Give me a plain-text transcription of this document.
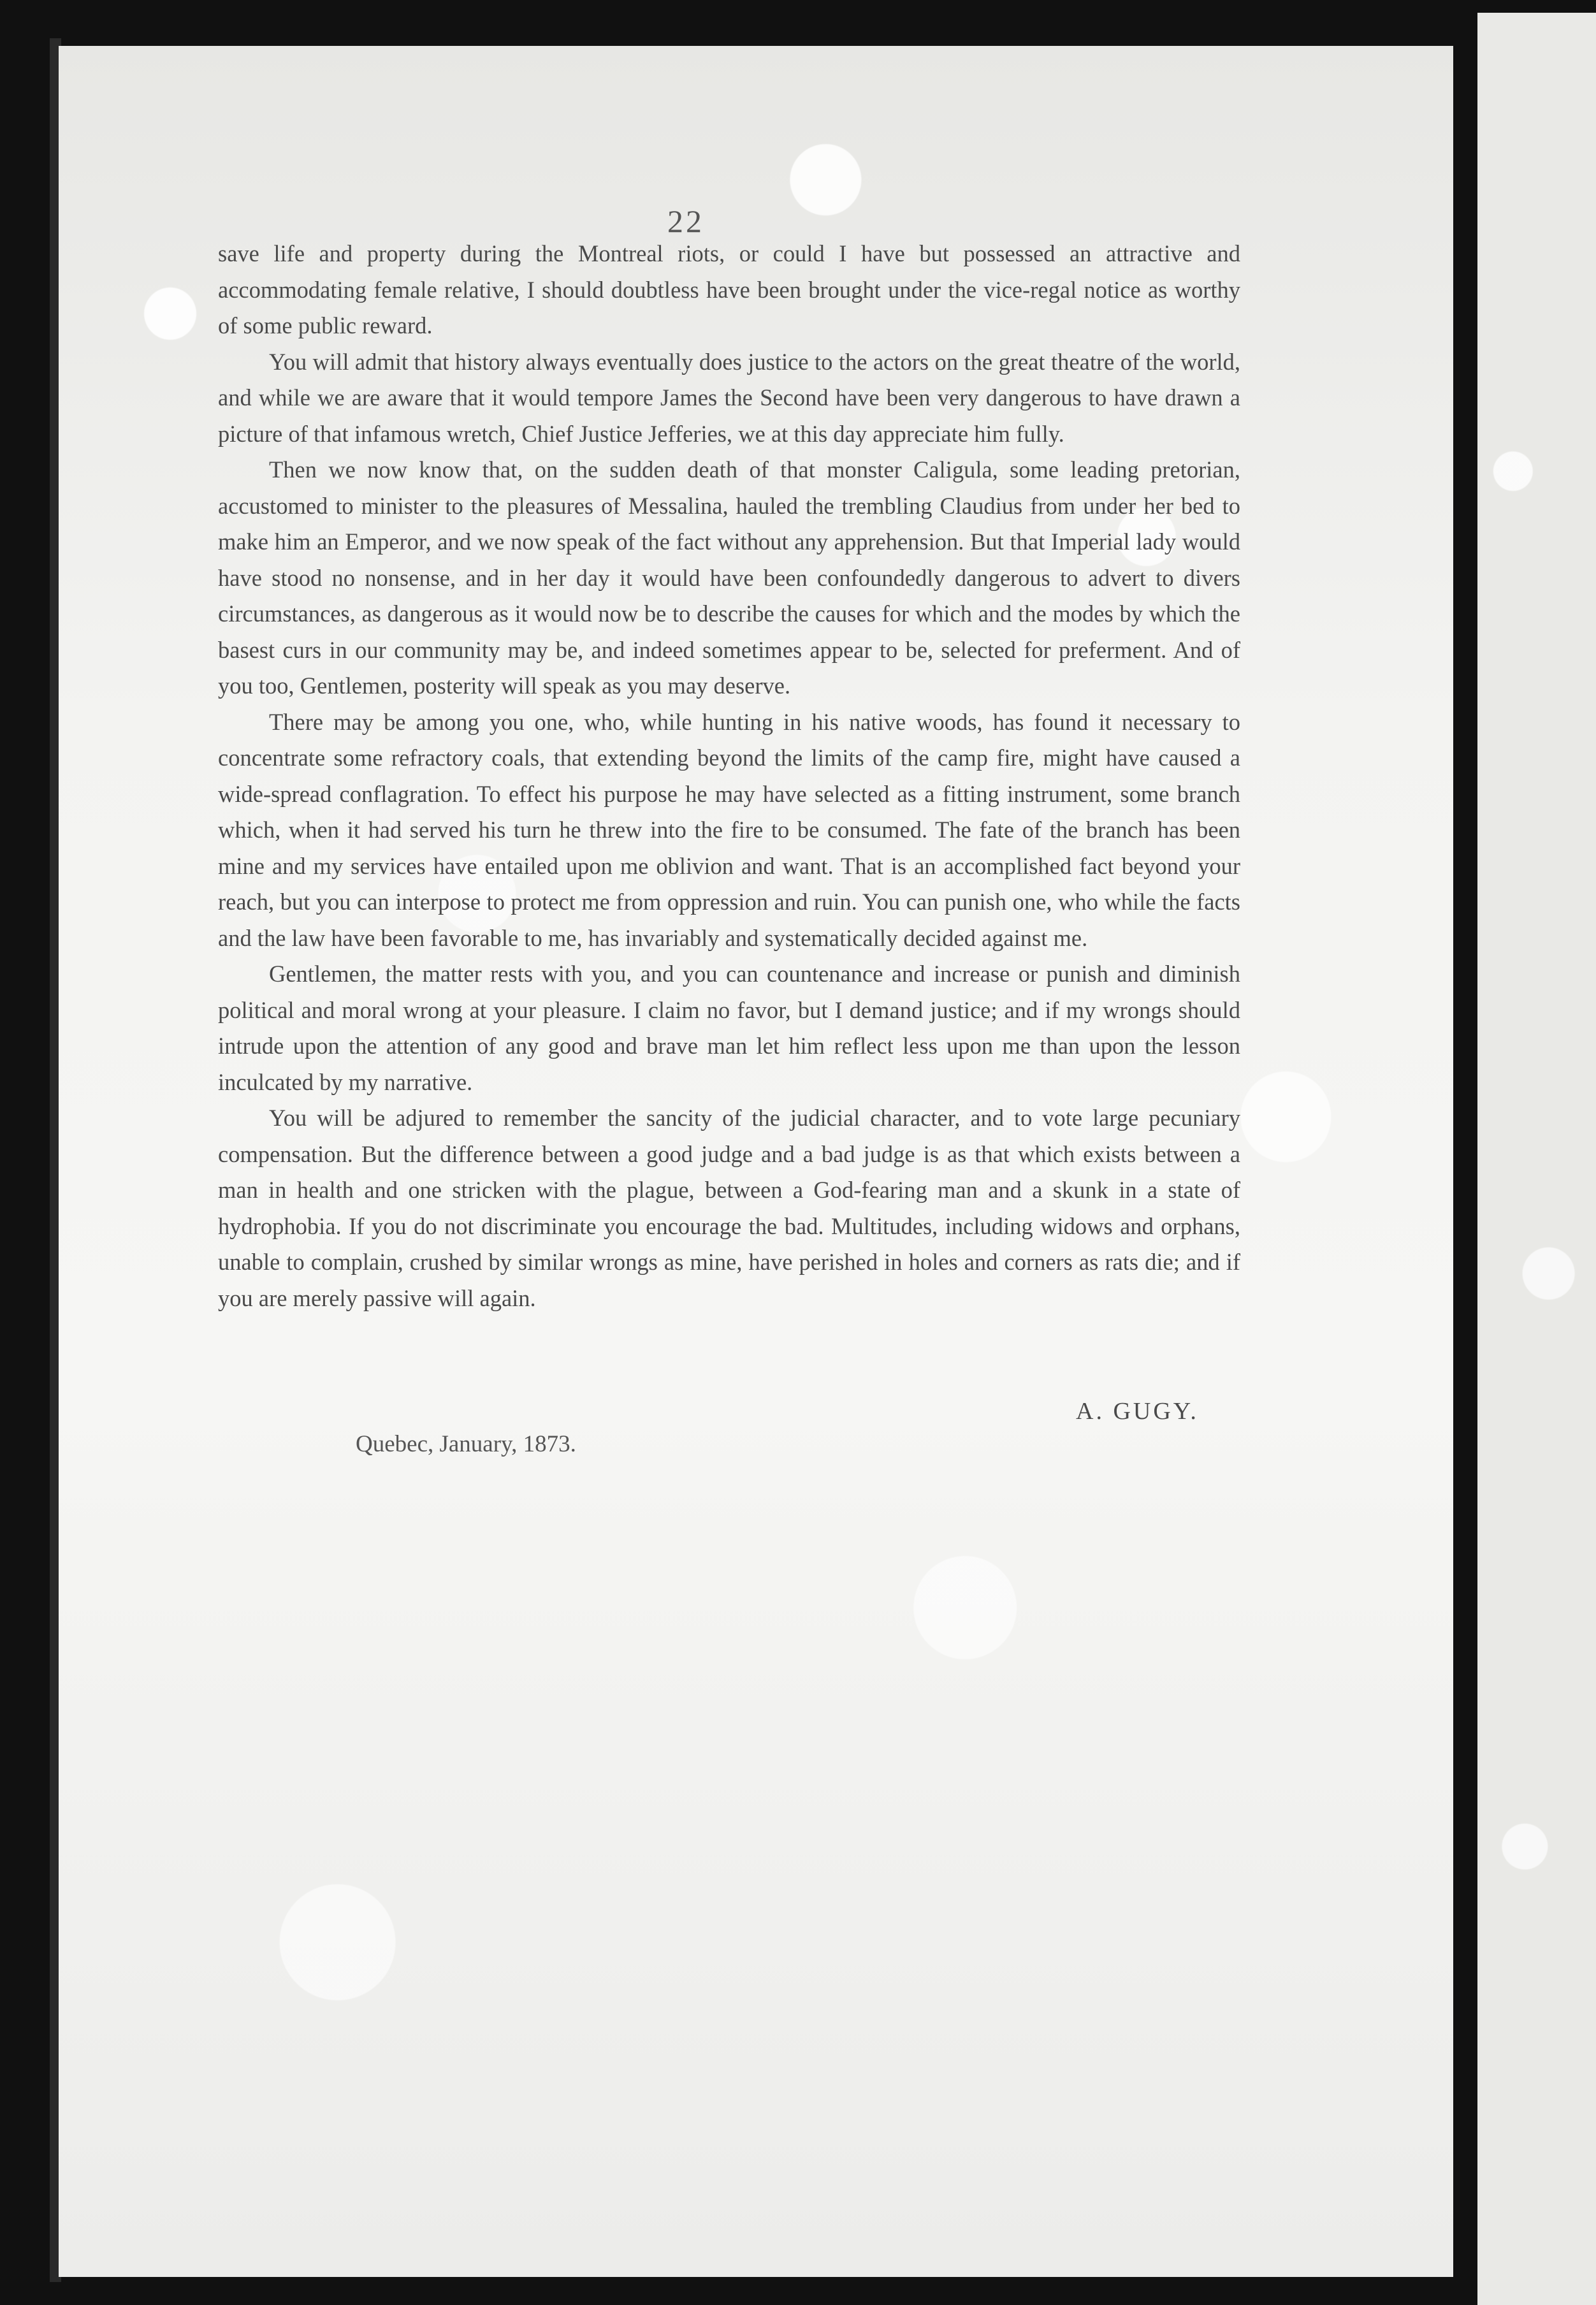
22

save life and property during the Montreal riots, or could I have but possessed an attractive and accommodating female relative, I should doubtless have been brought under the vice-regal notice as worthy of some public reward.

You will admit that history always eventually does justice to the actors on the great theatre of the world, and while we are aware that it would tempore James the Second have been very dangerous to have drawn a picture of that infamous wretch, Chief Justice Jefferies, we at this day appreciate him fully.

Then we now know that, on the sudden death of that monster Caligula, some leading pretorian, accustomed to minister to the pleasures of Messalina, hauled the trembling Claudius from under her bed to make him an Emperor, and we now speak of the fact without any apprehension. But that Imperial lady would have stood no nonsense, and in her day it would have been confoundedly dangerous to advert to divers circumstances, as dangerous as it would now be to describe the causes for which and the modes by which the basest curs in our community may be, and indeed sometimes appear to be, selected for preferment. And of you too, Gentlemen, posterity will speak as you may deserve.

There may be among you one, who, while hunting in his native woods, has found it necessary to concentrate some refractory coals, that extending beyond the limits of the camp fire, might have caused a wide-spread conflagration. To effect his purpose he may have selected as a fitting instrument, some branch which, when it had served his turn he threw into the fire to be consumed. The fate of the branch has been mine and my services have entailed upon me oblivion and want. That is an accomplished fact beyond your reach, but you can interpose to protect me from oppression and ruin. You can punish one, who while the facts and the law have been favorable to me, has invariably and systematically decided against me.

Gentlemen, the matter rests with you, and you can countenance and increase or punish and diminish political and moral wrong at your pleasure. I claim no favor, but I demand justice; and if my wrongs should intrude upon the attention of any good and brave man let him reflect less upon me than upon the lesson inculcated by my narrative.

You will be adjured to remember the sancity of the judicial character, and to vote large pecuniary compensation. But the difference between a good judge and a bad judge is as that which exists between a man in health and one stricken with the plague, between a God-fearing man and a skunk in a state of hydrophobia. If you do not discriminate you encourage the bad. Multitudes, including widows and orphans, unable to complain, crushed by similar wrongs as mine, have perished in holes and corners as rats die; and if you are merely passive will again.

A. GUGY.
Quebec, January, 1873.
